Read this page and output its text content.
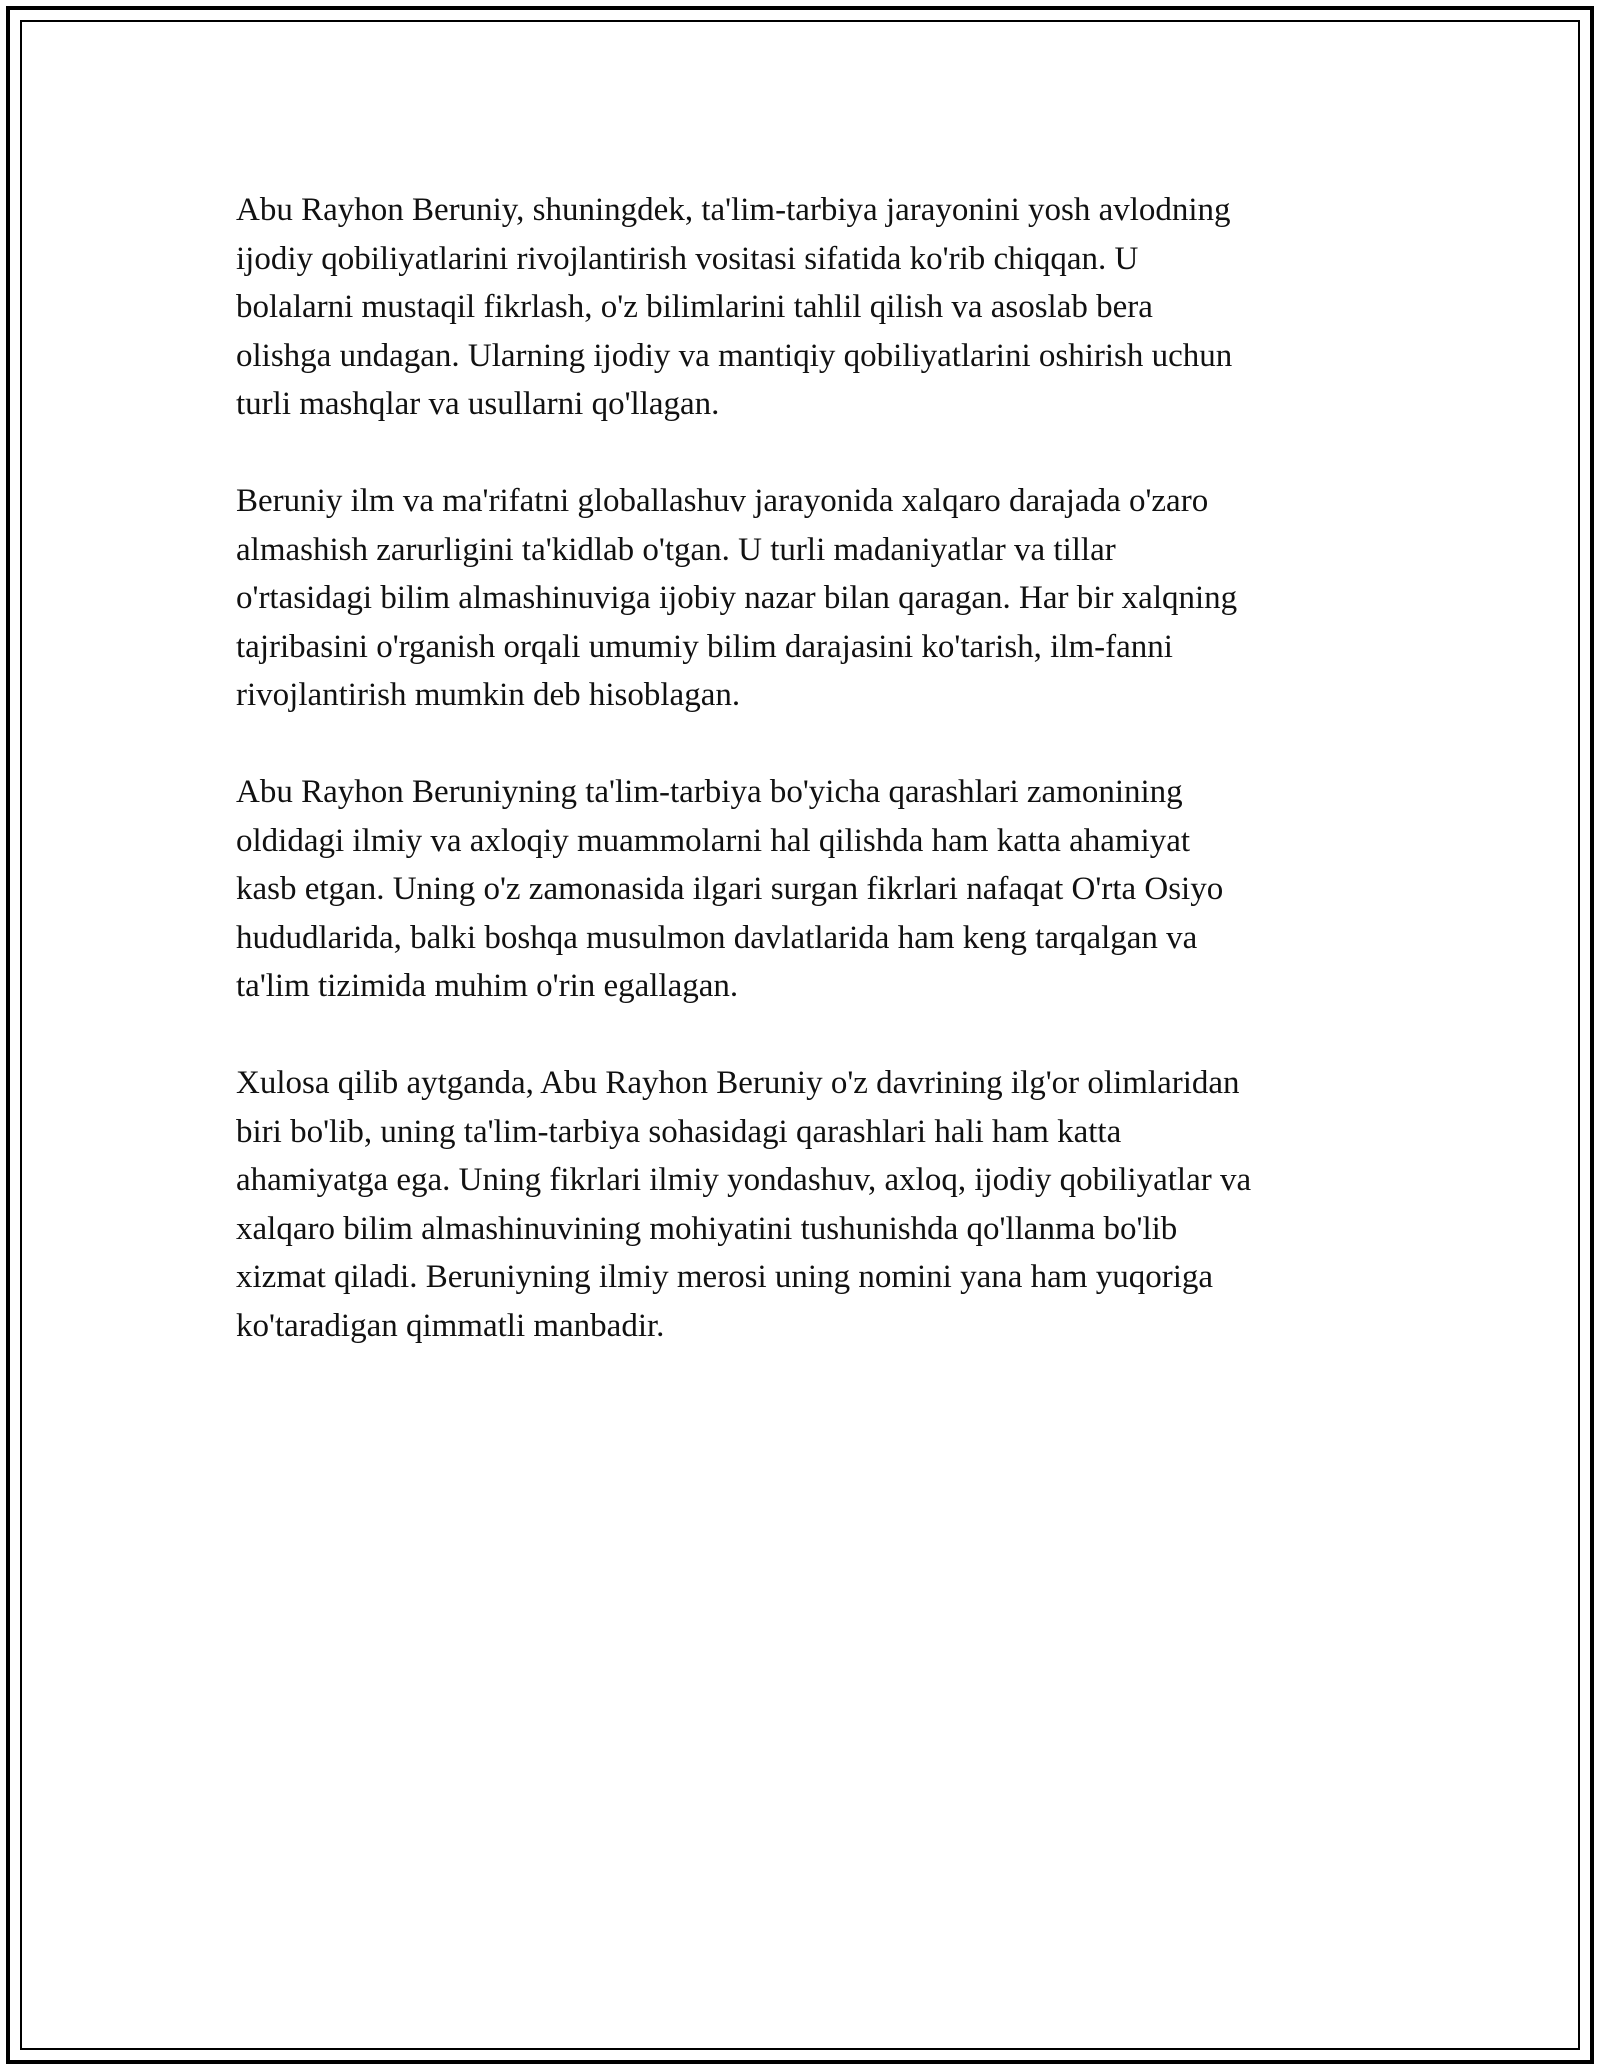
Abu Rayhon Beruniy, shuningdek, ta'lim-tarbiya jarayonini yosh avlodning
ijodiy qobiliyatlarini rivojlantirish vositasi sifatida ko'rib chiqqan. U
bolalarni mustaqil fikrlash, o'z bilimlarini tahlil qilish va asoslab bera
olishga undagan. Ularning ijodiy va mantiqiy qobiliyatlarini oshirish uchun
turli mashqlar va usullarni qo'llagan.

Beruniy ilm va ma'rifatni globallashuv jarayonida xalqaro darajada o'zaro
almashish zarurligini ta'kidlab o'tgan. U turli madaniyatlar va tillar
o'rtasidagi bilim almashinuviga ijobiy nazar bilan qaragan. Har bir xalqning
tajribasini o'rganish orqali umumiy bilim darajasini ko'tarish, ilm-fanni
rivojlantirish mumkin deb hisoblagan.

Abu Rayhon Beruniyning ta'lim-tarbiya bo'yicha qarashlari zamonining
oldidagi ilmiy va axloqiy muammolarni hal qilishda ham katta ahamiyat
kasb etgan. Uning o'z zamonasida ilgari surgan fikrlari nafaqat O'rta Osiyo
hududlarida, balki boshqa musulmon davlatlarida ham keng tarqalgan va
ta'lim tizimida muhim o'rin egallagan.

Xulosa qilib aytganda, Abu Rayhon Beruniy o'z davrining ilg'or olimlaridan
biri bo'lib, uning ta'lim-tarbiya sohasidagi qarashlari hali ham katta
ahamiyatga ega. Uning fikrlari ilmiy yondashuv, axloq, ijodiy qobiliyatlar va
xalqaro bilim almashinuvining mohiyatini tushunishda qo'llanma bo'lib
xizmat qiladi. Beruniyning ilmiy merosi uning nomini yana ham yuqoriga
ko'taradigan qimmatli manbadir.
